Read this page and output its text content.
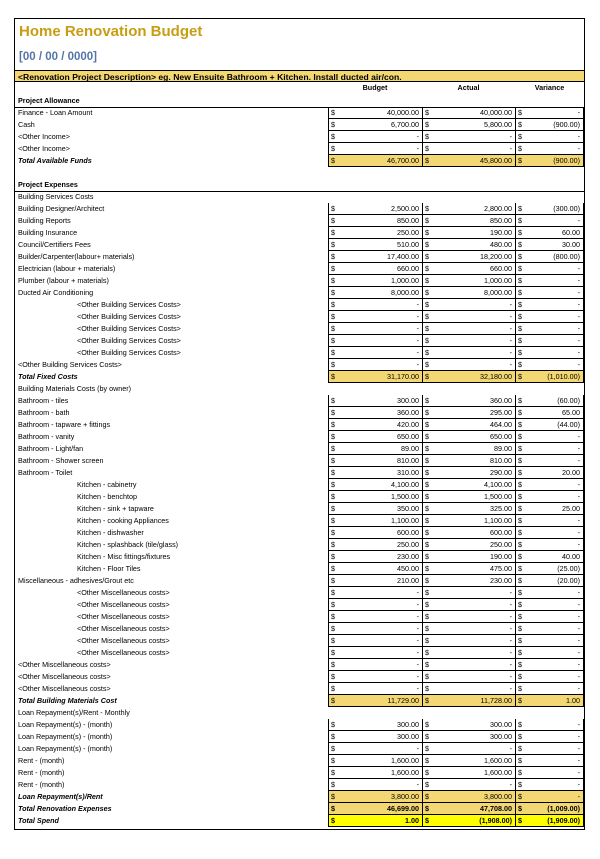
Home Renovation Budget
[00 / 00 / 0000]
<Renovation Project Description> eg. New Ensuite Bathroom + Kitchen. Install ducted air/con.
Budget	Actual	Variance
Project Allowance
Finance - Loan Amount	$	40,000.00 $	40,000.00 $	-
Cash	$	6,700.00 $	5,800.00 $	(900.00)
<Other Income>	$	- $	- $	-
<Other Income>	$	- $	- $	-
Total Available Funds	$	46,700.00 $	45,800.00 $	(900.00)
Project Expenses
Building Services Costs
Building Designer/Architect	$	2,500.00 $	2,800.00 $	(300.00)
Building Reports	$	850.00 $	850.00 $	-
Building Insurance	$	250.00 $	190.00 $	60.00
Council/Certifiers Fees	$	510.00 $	480.00 $	30.00
Builder/Carpenter(labour+ materials)	$	17,400.00 $	18,200.00 $	(800.00)
Electrician (labour + materials)	$	660.00 $	660.00 $	-
Plumber (labour + materials)	$	1,000.00 $	1,000.00 $	-
Ducted Air Conditioning	$	8,000.00 $	8,000.00 $	-
<Other Building Services Costs>	$	- $	- $	-
<Other Building Services Costs>	$	- $	- $	-
<Other Building Services Costs>	$	- $	- $	-
<Other Building Services Costs>	$	- $	- $	-
<Other Building Services Costs>	$	- $	- $	-
<Other Building Services Costs>	$	- $	- $	-
Total Fixed Costs	$	31,170.00 $	32,180.00 $	(1,010.00)
Building Materials Costs (by owner)
Bathroom - tiles	$	300.00 $	360.00 $	(60.00)
Bathroom - bath	$	360.00 $	295.00 $	65.00
Bathroom - tapware + fittings	$	420.00 $	464.00 $	(44.00)
Bathroom - vanity	$	650.00 $	650.00 $	-
Bathroom - Light/fan	$	89.00 $	89.00 $	-
Bathroom - Shower screen	$	810.00 $	810.00 $	-
Bathroom - Toilet	$	310.00 $	290.00 $	20.00
Kitchen - cabinetry	$	4,100.00 $	4,100.00 $	-
Kitchen - benchtop	$	1,500.00 $	1,500.00 $	-
Kitchen - sink + tapware	$	350.00 $	325.00 $	25.00
Kitchen - cooking Appliances	$	1,100.00 $	1,100.00 $	-
Kitchen - dishwasher	$	600.00 $	600.00 $	-
Kitchen - splashback (tile/glass)	$	250.00 $	250.00 $	-
Kitchen - Misc fittings/fixtures	$	230.00 $	190.00 $	40.00
Kitchen - Floor Tiles	$	450.00 $	475.00 $	(25.00)
Miscellaneous - adhesives/Grout etc	$	210.00 $	230.00 $	(20.00)
<Other Miscellaneous costs>	$	- $	- $	-
<Other Miscellaneous costs>	$	- $	- $	-
<Other Miscellaneous costs>	$	- $	- $	-
<Other Miscellaneous costs>	$	- $	- $	-
<Other Miscellaneous costs>	$	- $	- $	-
<Other Miscellaneous costs>	$	- $	- $	-
<Other Miscellaneous costs>	$	- $	- $	-
<Other Miscellaneous costs>	$	- $	- $	-
<Other Miscellaneous costs>	$	- $	- $	-
Total Building Materials Cost	$	11,729.00 $	11,728.00 $	1.00
Loan Repayment(s)/Rent - Monthly
Loan Repayment(s) - (month)	$	300.00 $	300.00 $	-
Loan Repayment(s) - (month)	$	300.00 $	300.00 $	-
Loan Repayment(s) - (month)	$	- $	- $	-
Rent - (month)	$	1,600.00 $	1,600.00 $	-
Rent - (month)	$	1,600.00 $	1,600.00 $	-
Rent - (month)	$	- $	- $	-
Loan Repayment(s)/Rent	$	3,800.00 $	3,800.00 $	-
Total Renovation Expenses	$	46,699.00 $	47,708.00 $	(1,009.00)
Total Spend	$	1.00 $	(1,908.00) $	(1,909.00)
